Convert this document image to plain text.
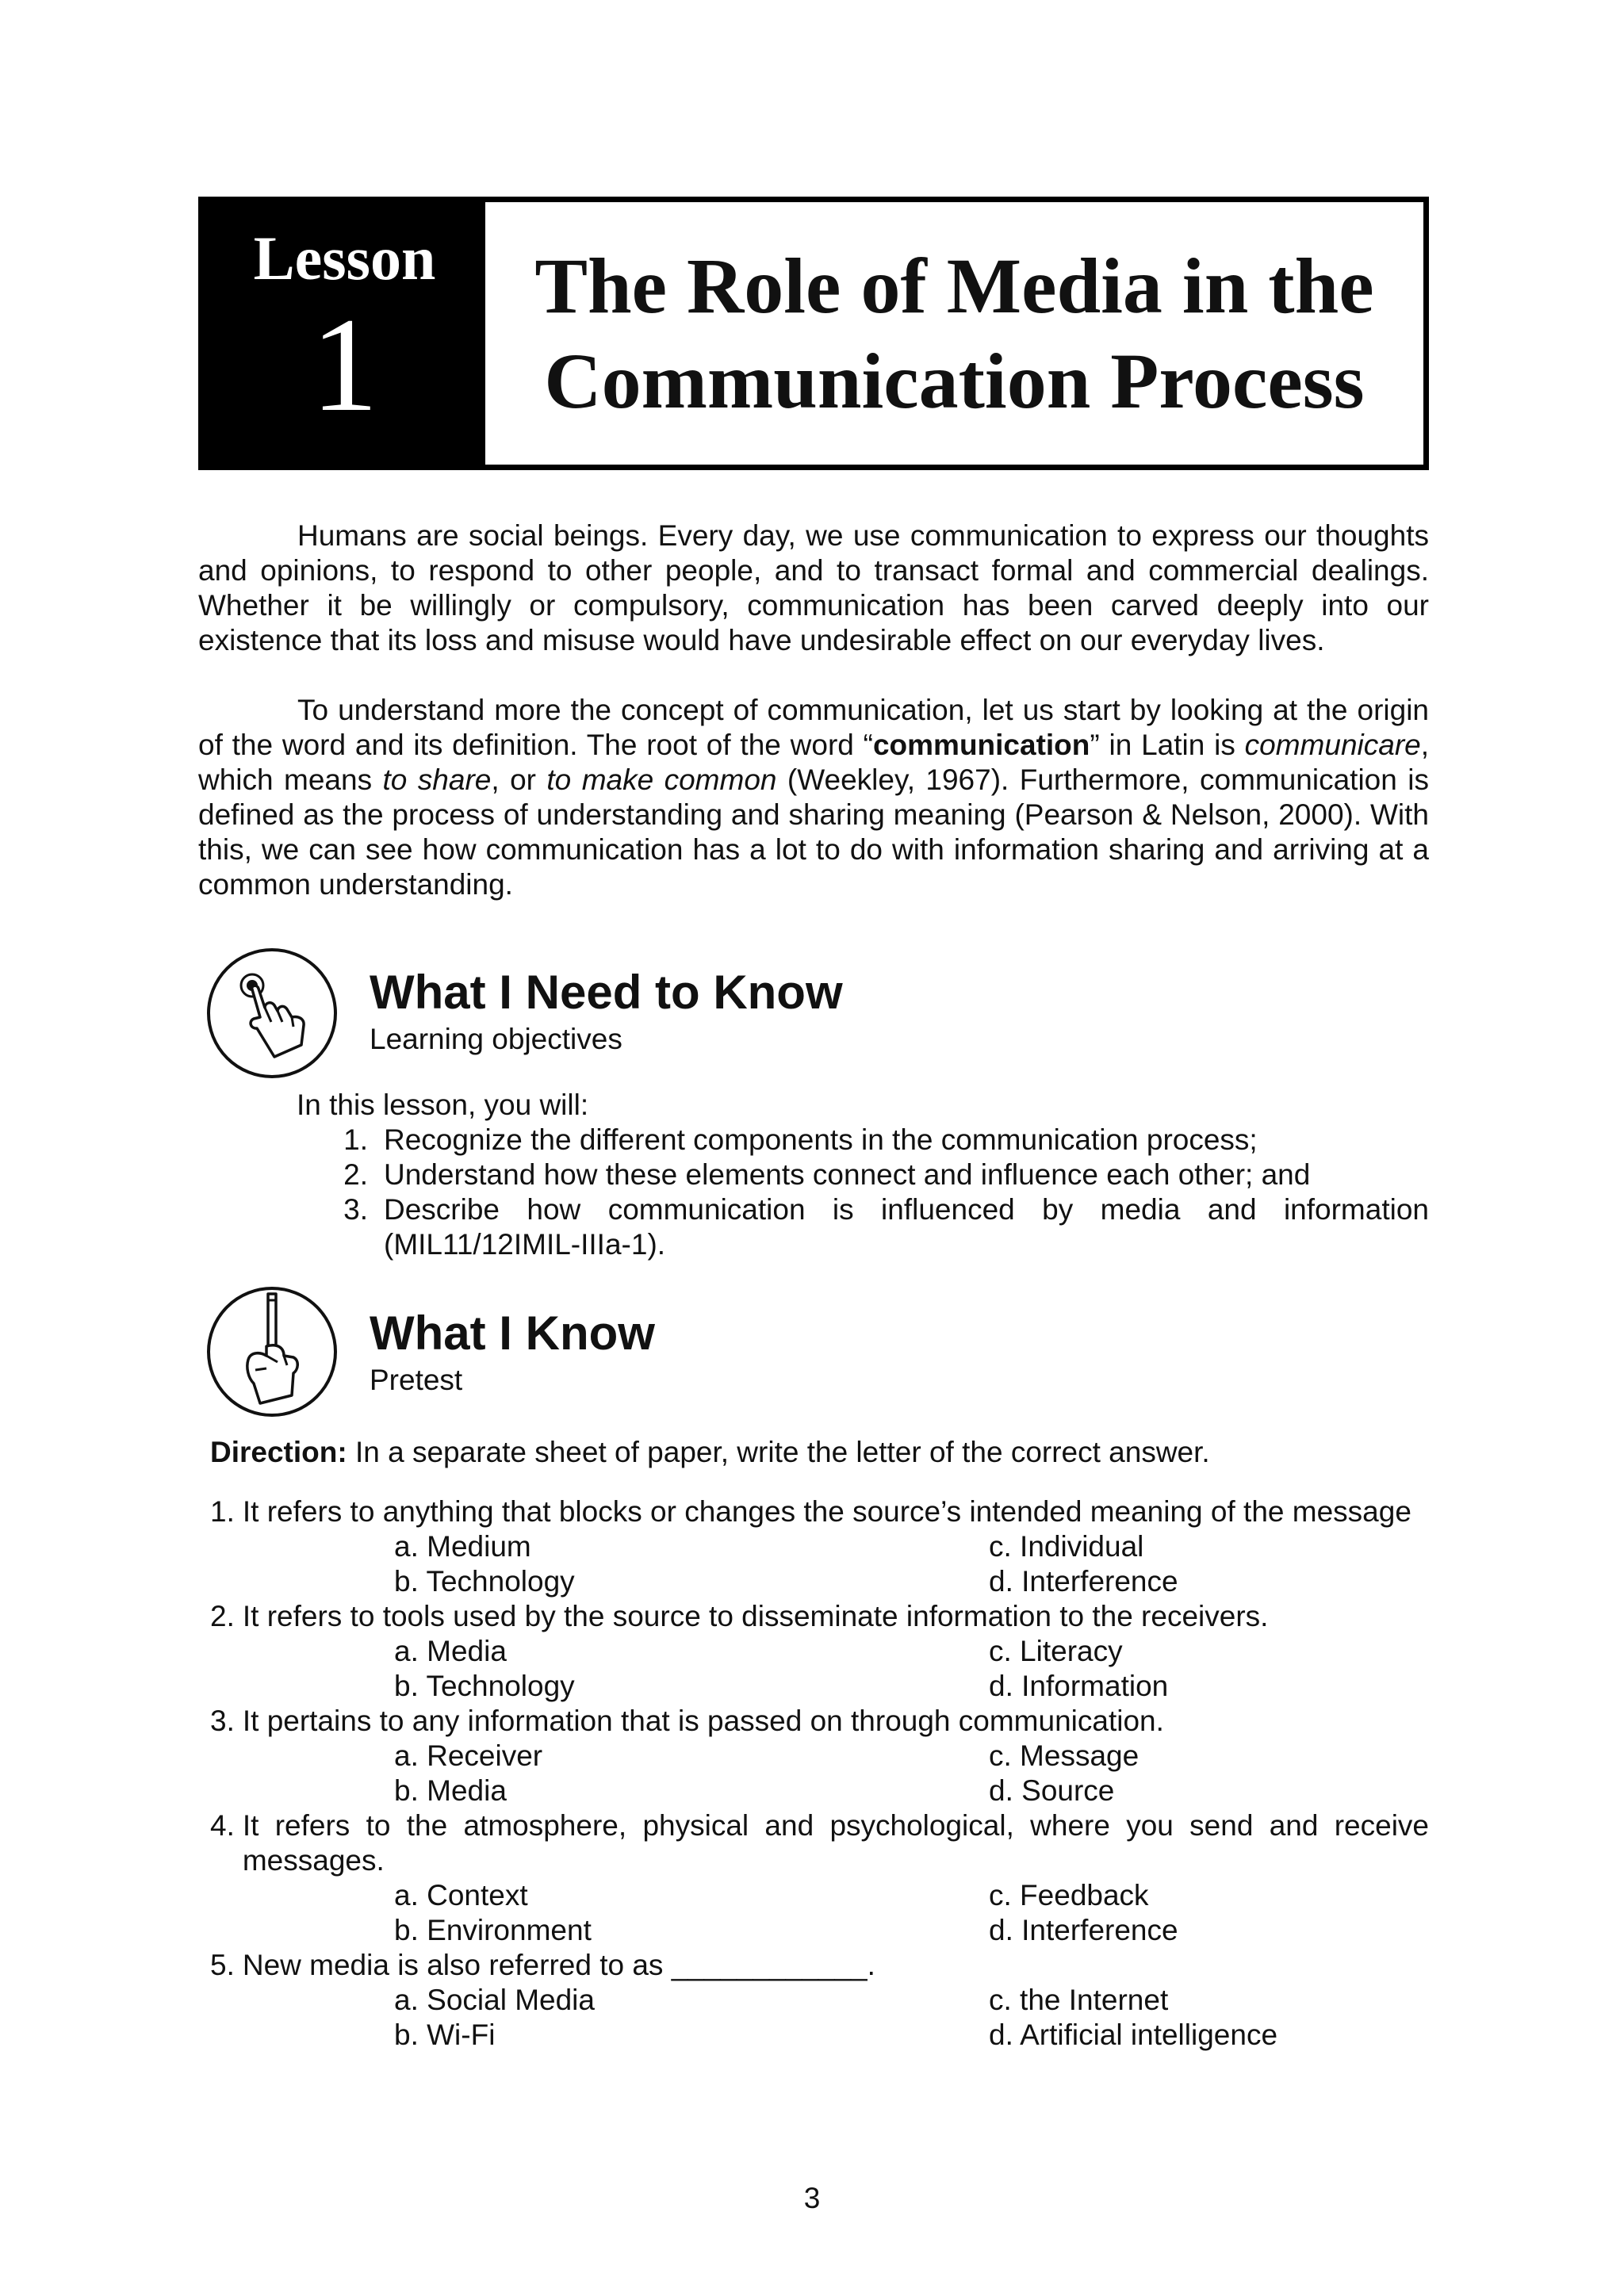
Lesson
1
The Role of Media in the
Communication Process

Humans are social beings. Every day, we use communication to express our thoughts and opinions, to respond to other people, and to transact formal and commercial dealings. Whether it be willingly or compulsory, communication has been carved deeply into our existence that its loss and misuse would have undesirable effect on our everyday lives.

To understand more the concept of communication, let us start by looking at the origin of the word and its definition. The root of the word “communication” in Latin is communicare, which means to share, or to make common (Weekley, 1967). Furthermore, communication is defined as the process of understanding and sharing meaning (Pearson & Nelson, 2000). With this, we can see how communication has a lot to do with information sharing and arriving at a common understanding.

What I Need to Know

Learning objectives

In this lesson, you will:

1. Recognize the different components in the communication process;
2. Understand how these elements connect and influence each other; and
3. Describe how communication is influenced by media and information (MIL11/12IMIL-IIIa-1).
What I Know

Pretest

Direction: In a separate sheet of paper, write the letter of the correct answer.

1. It refers to anything that blocks or changes the source’s intended meaning of the message
a. Medium	c. Individual
b. Technology	d. Interference
2. It refers to tools used by the source to disseminate information to the receivers.
a. Media	c. Literacy
b. Technology	d. Information
3. It pertains to any information that is passed on through communication.
a. Receiver	c. Message
b. Media	d. Source
4. It refers to the atmosphere, physical and psychological, where you send and receive messages.
a. Context	c. Feedback
b. Environment	d. Interference
5. New media is also referred to as ____________.
a. Social Media	c. the Internet
b. Wi-Fi	d. Artificial intelligence
3
